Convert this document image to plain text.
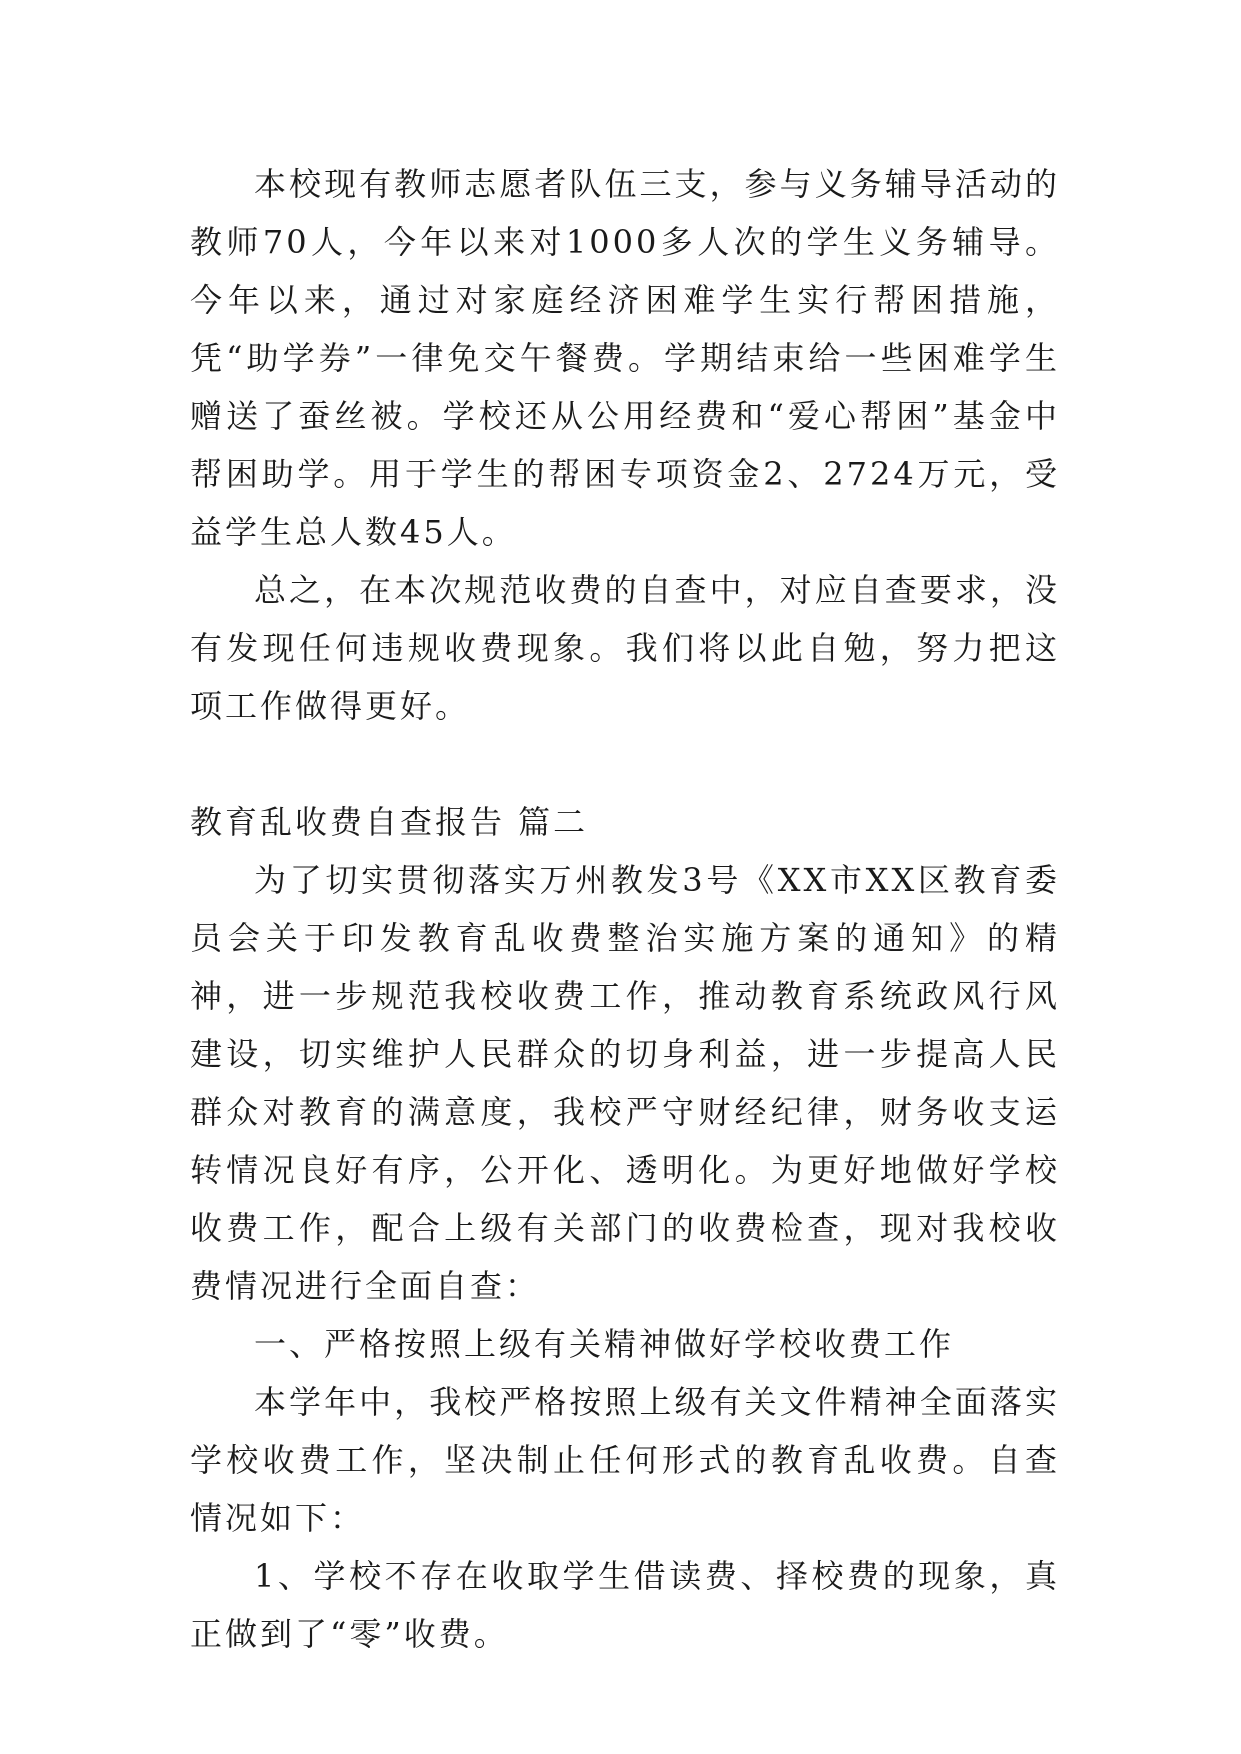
本校现有教师志愿者队伍三支，参与义务辅导活动的教师70人，今年以来对1000多人次的学生义务辅导。今年以来，通过对家庭经济困难学生实行帮困措施，凭“助学券”一律免交午餐费。学期结束给一些困难学生赠送了蚕丝被。学校还从公用经费和“爱心帮困”基金中帮困助学。用于学生的帮困专项资金2、2724万元，受益学生总人数45人。

总之，在本次规范收费的自查中，对应自查要求，没有发现任何违规收费现象。我们将以此自勉，努力把这项工作做得更好。

教育乱收费自查报告 篇二

为了切实贯彻落实万州教发3号《XX市XX区教育委员会关于印发教育乱收费整治实施方案的通知》的精神，进一步规范我校收费工作，推动教育系统政风行风建设，切实维护人民群众的切身利益，进一步提高人民群众对教育的满意度，我校严守财经纪律，财务收支运转情况良好有序，公开化、透明化。为更好地做好学校收费工作，配合上级有关部门的收费检查，现对我校收费情况进行全面自查：

一、严格按照上级有关精神做好学校收费工作

本学年中，我校严格按照上级有关文件精神全面落实学校收费工作，坚决制止任何形式的教育乱收费。自查情况如下：

1、学校不存在收取学生借读费、择校费的现象，真正做到了“零”收费。
